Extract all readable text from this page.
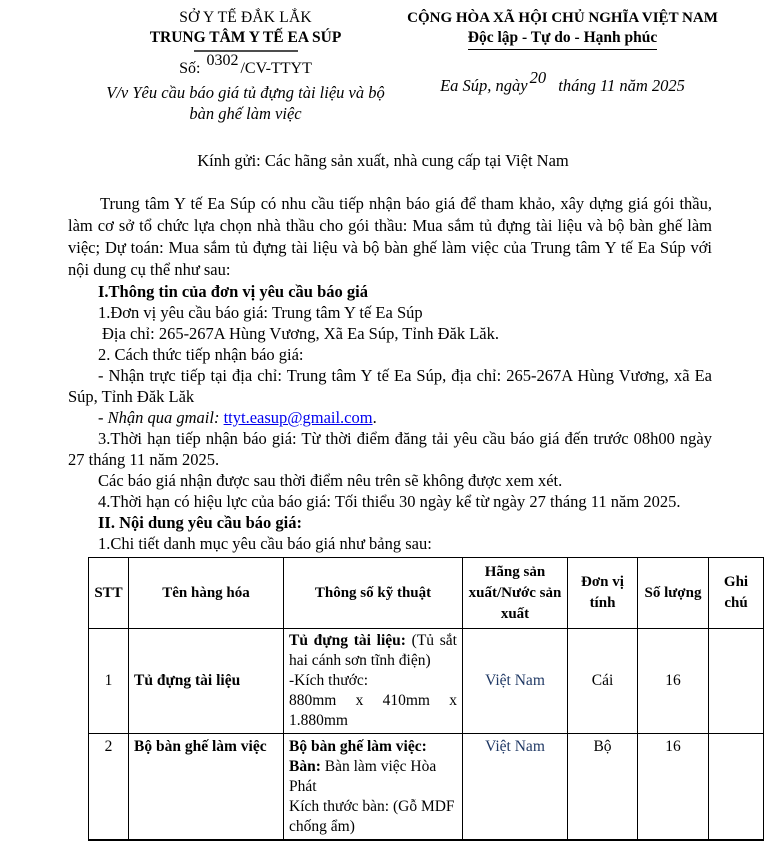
SỞ Y TẾ ĐẮK LẮK
TRUNG TÂM Y TẾ EA SÚP
Số: 0302 /CV-TTYT
V/v Yêu cầu báo giá tủ đựng tài liệu và bộ bàn ghế làm việc
CỘNG HÒA XÃ HỘI CHỦ NGHĨA VIỆT NAM
Độc lập - Tự do - Hạnh phúc
Ea Súp, ngày 20 tháng 11 năm 2025
Kính gửi: Các hãng sản xuất, nhà cung cấp tại Việt Nam

Trung tâm Y tế Ea Súp có nhu cầu tiếp nhận báo giá để tham khảo, xây dựng giá gói thầu, làm cơ sở tổ chức lựa chọn nhà thầu cho gói thầu: Mua sắm tủ đựng tài liệu và bộ bàn ghế làm việc; Dự toán: Mua sắm tủ đựng tài liệu và bộ bàn ghế làm việc của Trung tâm Y tế Ea Súp với nội dung cụ thể như sau:

I.Thông tin của đơn vị yêu cầu báo giá

1.Đơn vị yêu cầu báo giá: Trung tâm Y tế Ea Súp

Địa chỉ: 265-267A Hùng Vương, Xã Ea Súp, Tỉnh Đăk Lăk.

2. Cách thức tiếp nhận báo giá:

- Nhận trực tiếp tại địa chỉ: Trung tâm Y tế Ea Súp, địa chỉ: 265-267A Hùng Vương, xã Ea Súp, Tỉnh Đăk Lăk

- Nhận qua gmail: ttyt.easup@gmail.com.

3.Thời hạn tiếp nhận báo giá: Từ thời điểm đăng tải yêu cầu báo giá đến trước 08h00 ngày 27 tháng 11 năm 2025.

Các báo giá nhận được sau thời điểm nêu trên sẽ không được xem xét.

4.Thời hạn có hiệu lực của báo giá: Tối thiểu 30 ngày kể từ ngày 27 tháng 11 năm 2025.

II. Nội dung yêu cầu báo giá:

1.Chi tiết danh mục yêu cầu báo giá như bảng sau:

STT	Tên hàng hóa	Thông số kỹ thuật	Hãng sản xuất/Nước sản xuất	Đơn vị tính	Số lượng	Ghi chú
1	Tủ đựng tài liệu	Tủ đựng tài liệu: (Tủ sắt hai cánh sơn tĩnh điện)
-Kích thước:
880mm x 410mm x 1.880mm	Việt Nam	Cái	16	
2	Bộ bàn ghế làm việc	Bộ bàn ghế làm việc:
Bàn: Bàn làm việc Hòa Phát
Kích thước bàn: (Gỗ MDF chống ẩm)	Việt Nam	Bộ	16	
